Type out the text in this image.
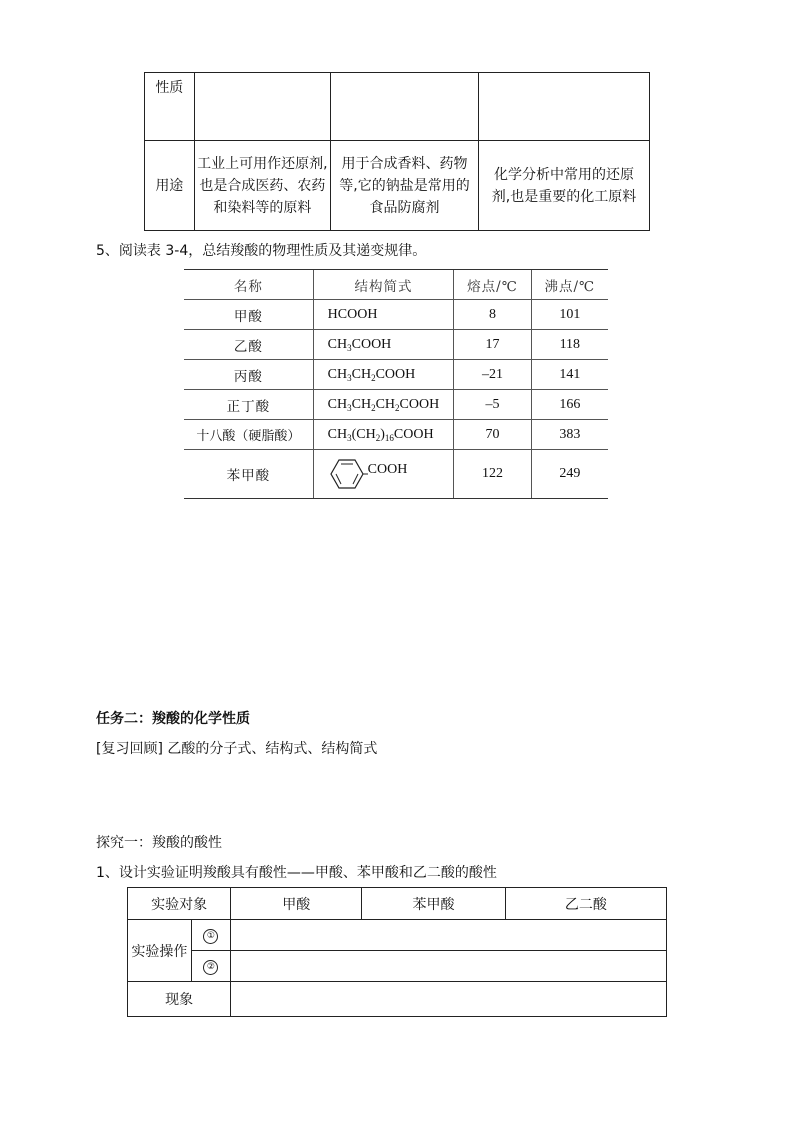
性质			
用途	工业上可用作还原剂,也是合成医药、农药和染料等的原料	用于合成香料、药物等,它的钠盐是常用的食品防腐剂	化学分析中常用的还原剂,也是重要的化工原料
5、阅读表 3-4，总结羧酸的物理性质及其递变规律。
名称	结构简式	熔点/℃	沸点/℃
甲酸	HCOOH	8	101
乙酸	$CH_3COOH$	17	118
丙酸	$CH_3CH_2COOH$	–21	141
正丁酸	$CH_3CH_2CH_2COOH$	–5	166
十八酸（硬脂酸）	$CH_3(CH_2)_{16}COOH$	70	383
苯甲酸	COOH	122	249
任务二：羧酸的化学性质
[复习回顾] 乙酸的分子式、结构式、结构简式
探究一：羧酸的酸性
1、设计实验证明羧酸具有酸性——甲酸、苯甲酸和乙二酸的酸性
实验对象		甲酸	苯甲酸	乙二酸
实验操作	①			
	②			
现象				
